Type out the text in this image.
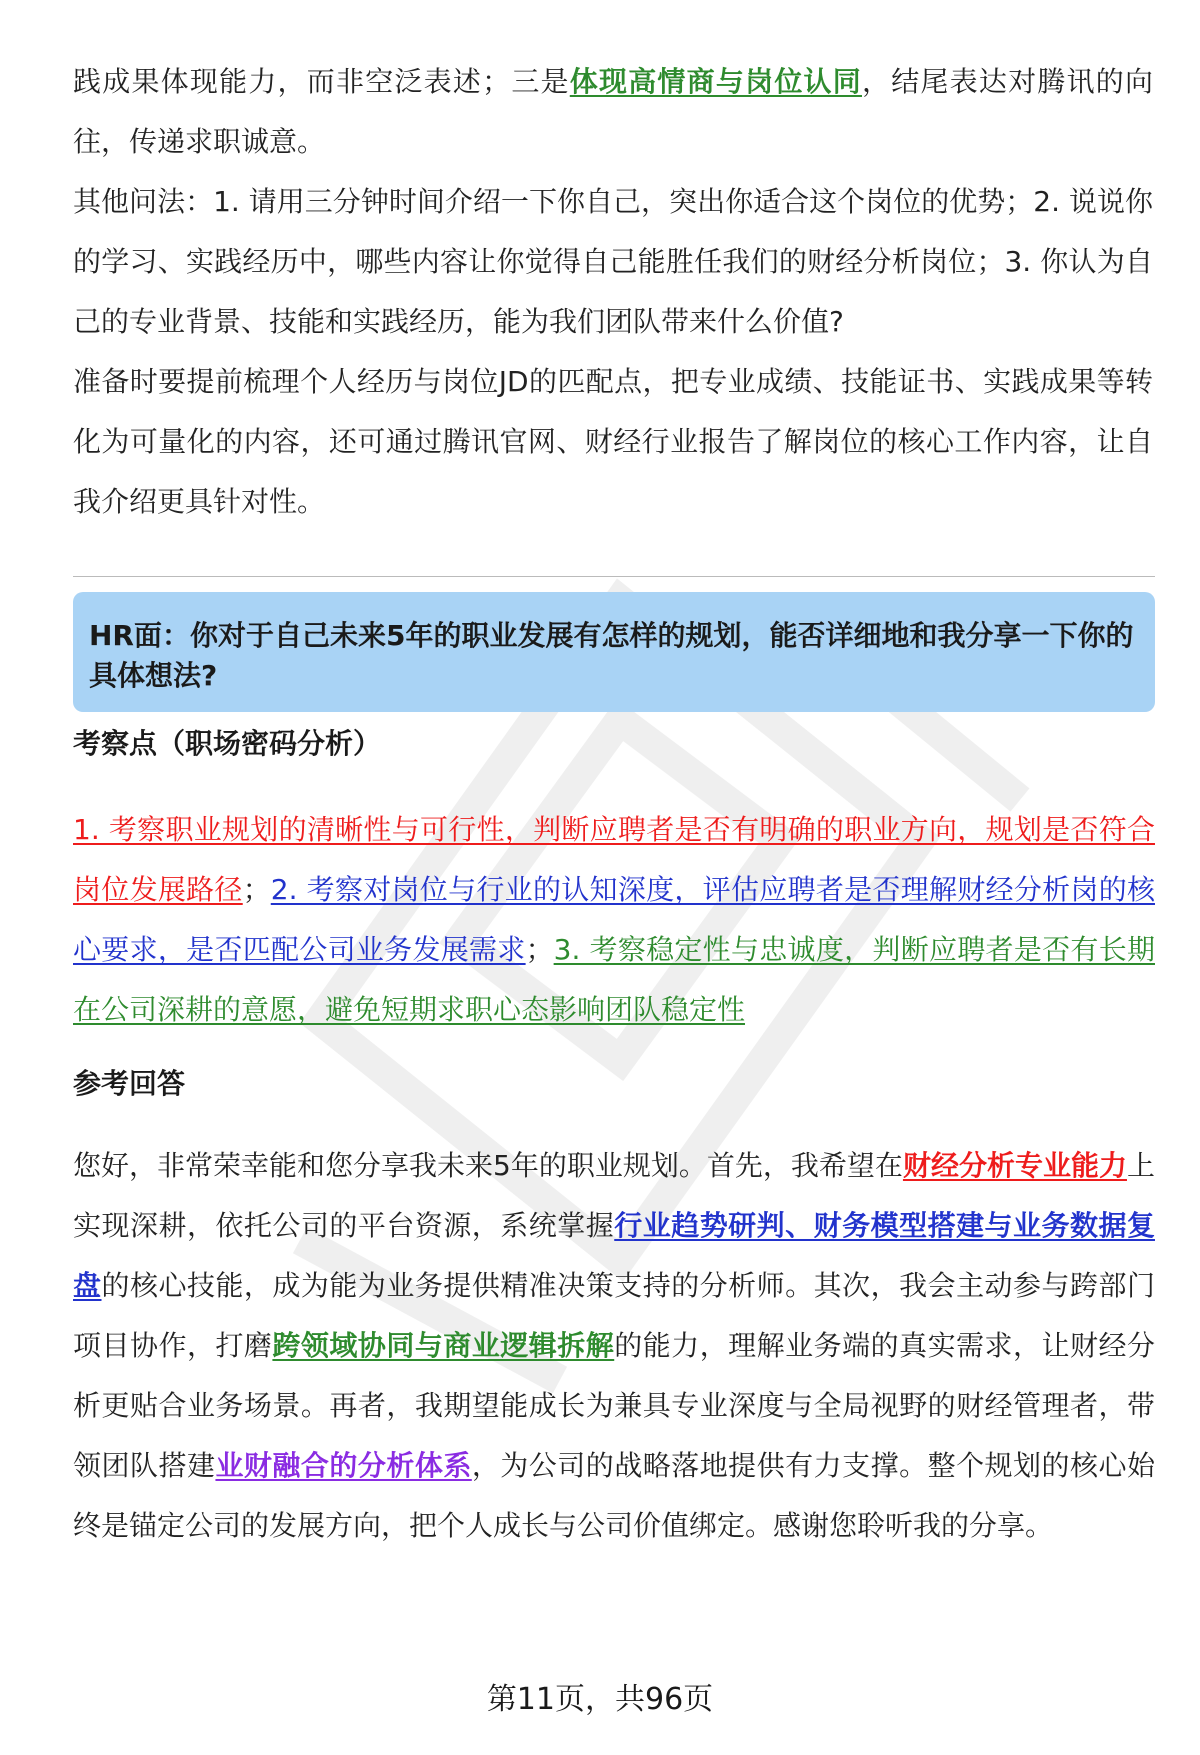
践成果体现能力，而非空泛表述；三是体现高情商与岗位认同，结尾表达对腾讯的向往，传递求职诚意。

其他问法：1. 请用三分钟时间介绍一下你自己，突出你适合这个岗位的优势；2. 说说你的学习、实践经历中，哪些内容让你觉得自己能胜任我们的财经分析岗位；3. 你认为自己的专业背景、技能和实践经历，能为我们团队带来什么价值?

准备时要提前梳理个人经历与岗位JD的匹配点，把专业成绩、技能证书、实践成果等转化为可量化的内容，还可通过腾讯官网、财经行业报告了解岗位的核心工作内容，让自我介绍更具针对性。

HR面：你对于自己未来5年的职业发展有怎样的规划，能否详细地和我分享一下你的具体想法?

考察点（职场密码分析）

1. 考察职业规划的清晰性与可行性，判断应聘者是否有明确的职业方向，规划是否符合岗位发展路径；2. 考察对岗位与行业的认知深度，评估应聘者是否理解财经分析岗的核心要求，是否匹配公司业务发展需求；3. 考察稳定性与忠诚度，判断应聘者是否有长期在公司深耕的意愿，避免短期求职心态影响团队稳定性

参考回答

您好，非常荣幸能和您分享我未来5年的职业规划。首先，我希望在财经分析专业能力上实现深耕，依托公司的平台资源，系统掌握行业趋势研判、财务模型搭建与业务数据复盘的核心技能，成为能为业务提供精准决策支持的分析师。其次，我会主动参与跨部门项目协作，打磨跨领域协同与商业逻辑拆解的能力，理解业务端的真实需求，让财经分析更贴合业务场景。再者，我期望能成长为兼具专业深度与全局视野的财经管理者，带领团队搭建业财融合的分析体系，为公司的战略落地提供有力支撑。整个规划的核心始终是锚定公司的发展方向，把个人成长与公司价值绑定。感谢您聆听我的分享。

第11页，共96页
